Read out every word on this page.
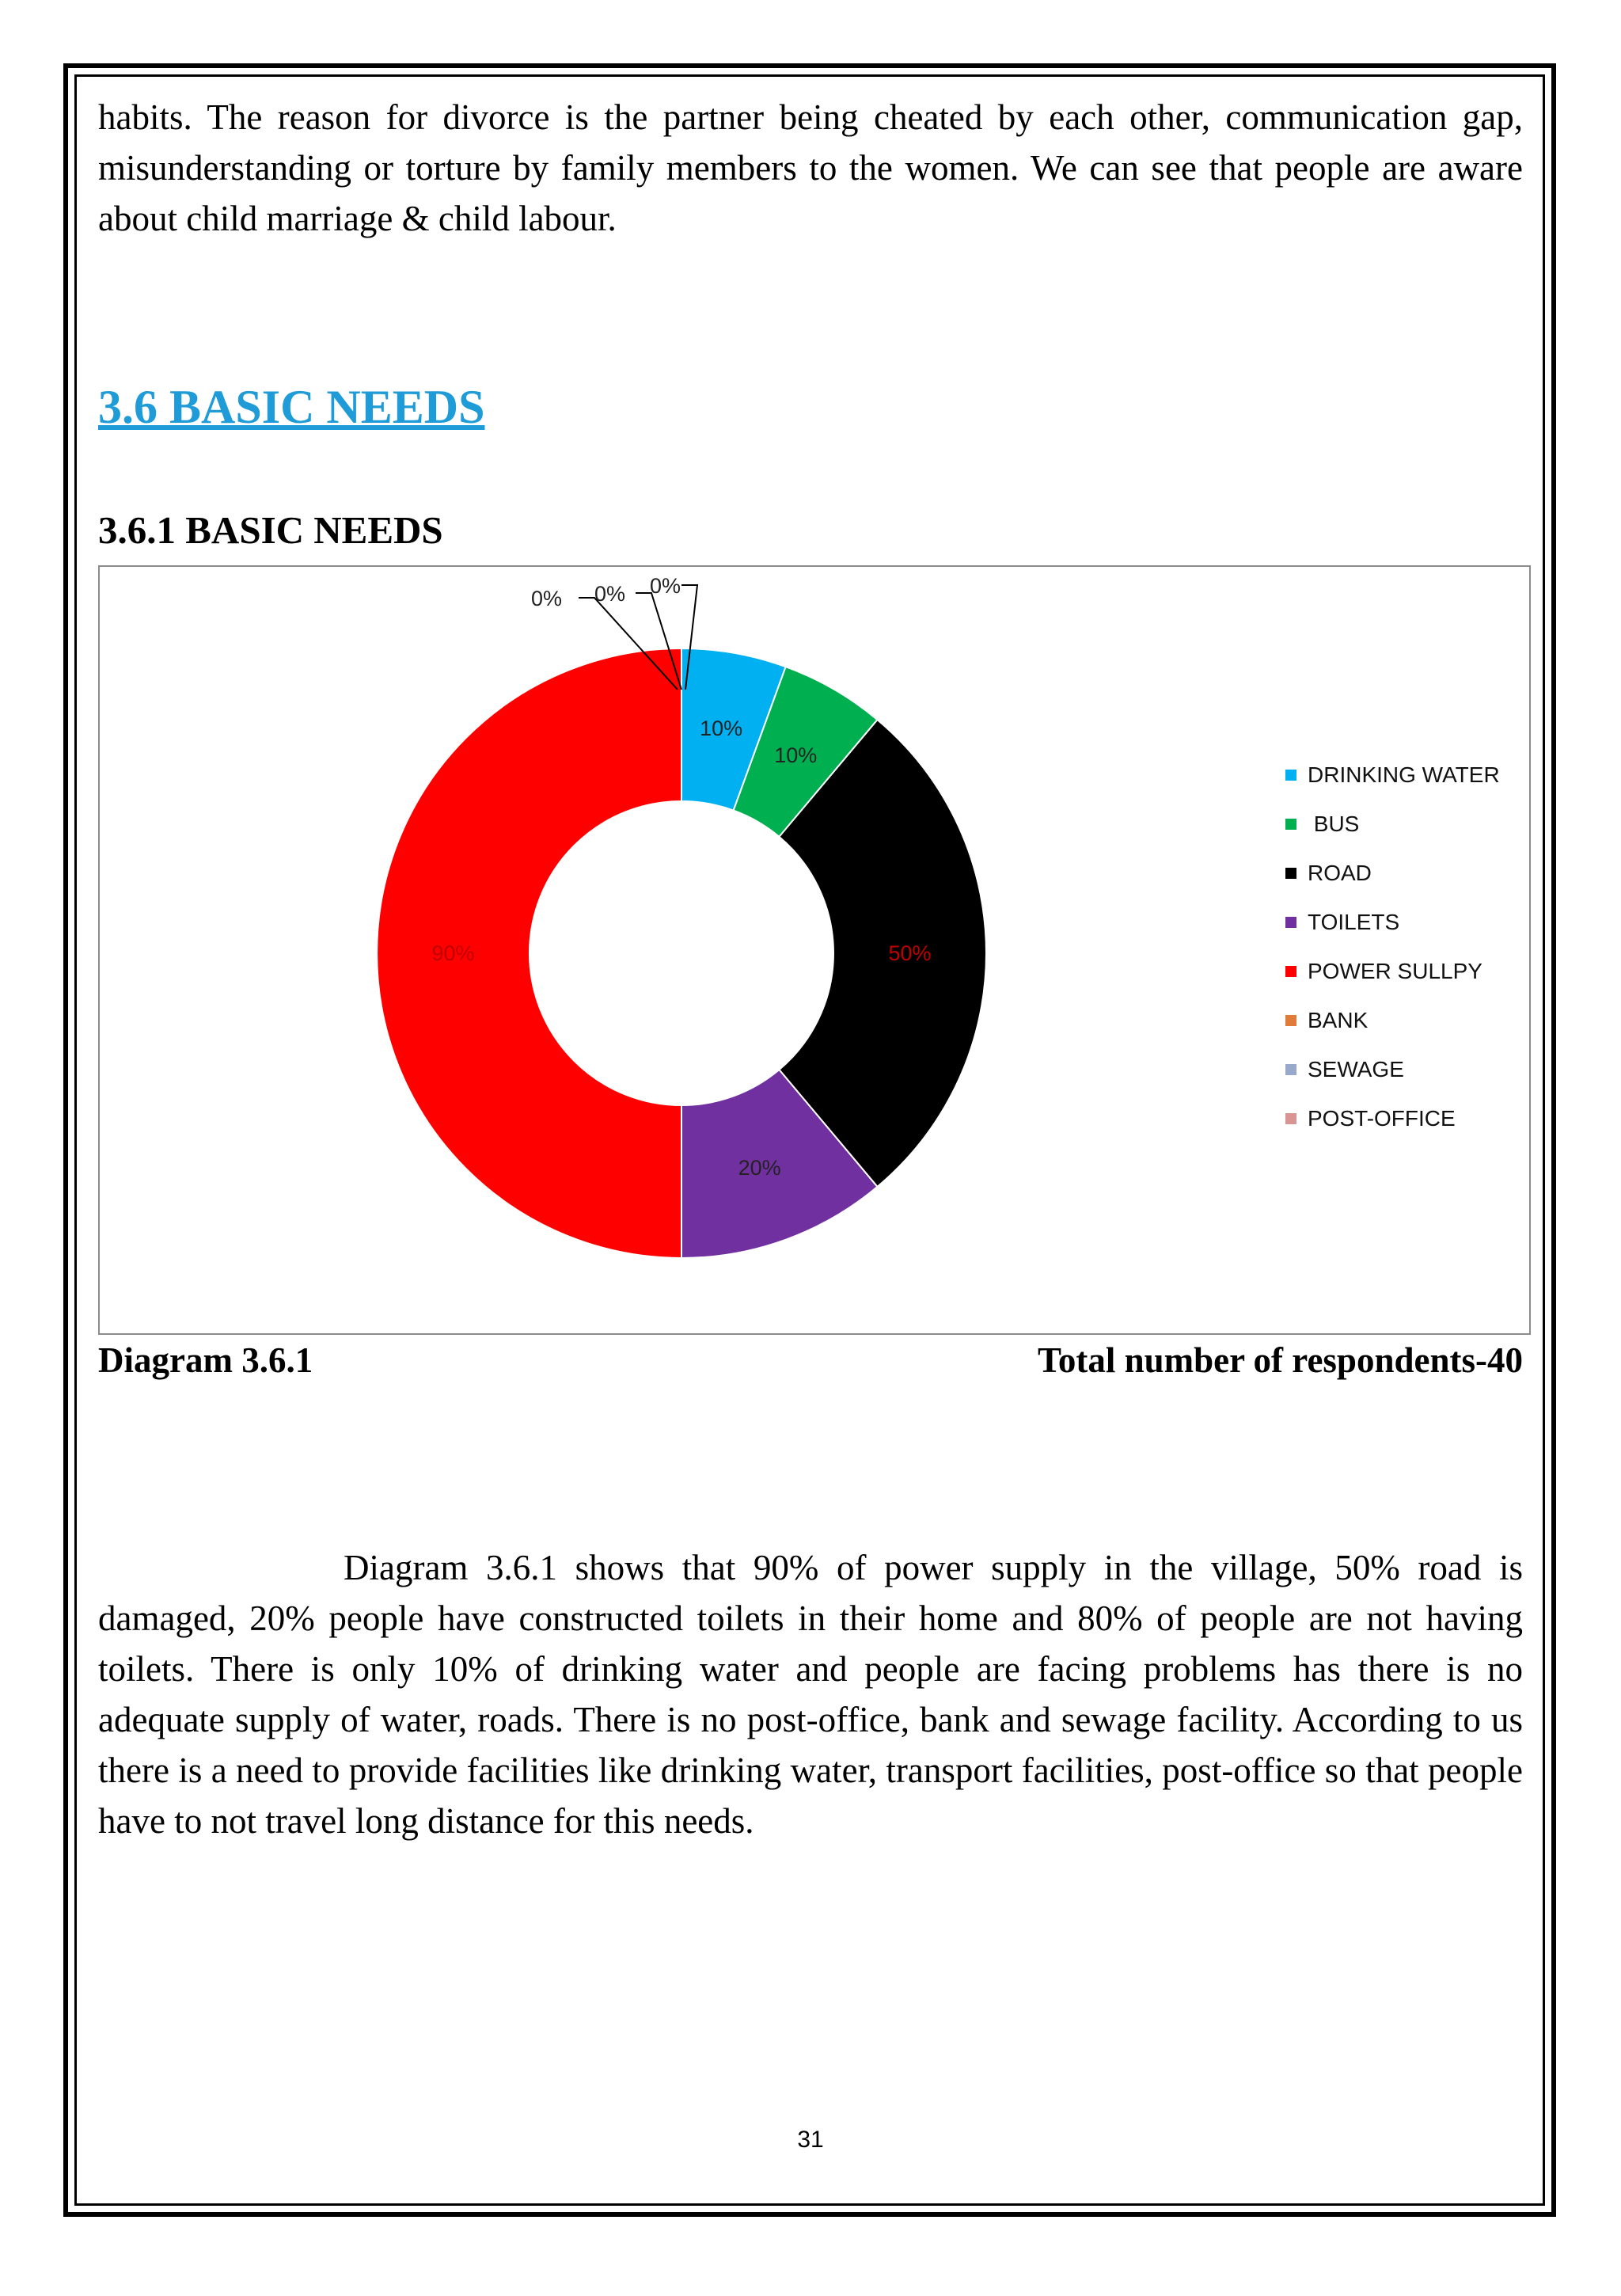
habits. The reason for divorce is the partner being cheated by each other, communication gap, misunderstanding or torture by family members to the women. We can see that people are aware about child marriage & child labour.

3.6 BASIC NEEDS
3.6.1 BASIC NEEDS
10%
10%
50%
20%
90%
0% 0% 0%
DRINKING WATER
BUS
ROAD
TOILETS
POWER SULLPY
BANK
SEWAGE
POST-OFFICE
Diagram 3.6.1	Total number of respondents-40

Diagram 3.6.1 shows that 90% of power supply in the village, 50% road is damaged, 20% people have constructed toilets in their home and 80% of people are not having toilets. There is only 10% of drinking water and people are facing problems has there is no adequate supply of water, roads. There is no post-office, bank and sewage facility. According to us there is a need to provide facilities like drinking water, transport facilities, post-office so that people have to not travel long distance for this needs.

31
